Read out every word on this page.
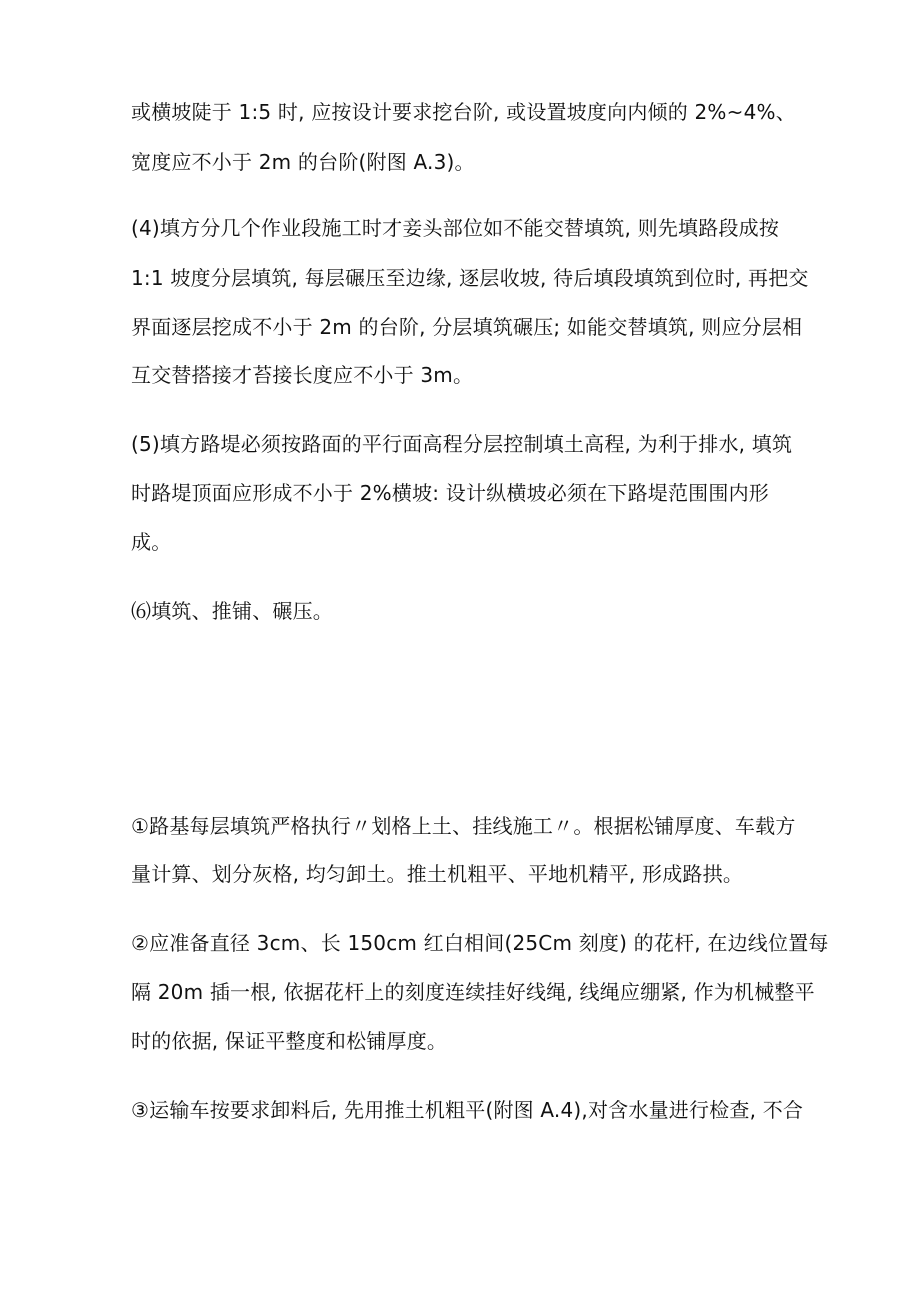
或横坡陡于 1:5 时, 应按设计要求挖台阶, 或设置坡度向内倾的 2%~4%、
宽度应不小于 2m 的台阶(附图 A.3)。
(4)填方分几个作业段施工时才妾头部位如不能交替填筑, 则先填路段成按
1:1 坡度分层填筑, 每层碾压至边缘, 逐层收坡, 待后填段填筑到位时, 再把交
界面逐层挖成不小于 2m 的台阶, 分层填筑碾压; 如能交替填筑, 则应分层相
互交替搭接才苔接长度应不小于 3m。
(5)填方路堤必须按路面的平行面高程分层控制填土高程, 为利于排水, 填筑
时路堤顶面应形成不小于 2%横坡: 设计纵横坡必须在下路堤范围围内形
成。
⑹填筑、推铺、碾压。
①路基每层填筑严格执行〃划格上土、挂线施工〃。根据松铺厚度、车载方
量计算、划分灰格, 均匀卸土。推土机粗平、平地机精平, 形成路拱。
②应准备直径 3cm、长 150cm 红白相间(25Cm 刻度) 的花杆, 在边线位置每
隔 20m 插一根, 依据花杆上的刻度连续挂好线绳, 线绳应绷紧, 作为机械整平
时的依据, 保证平整度和松铺厚度。
③运输车按要求卸料后, 先用推土机粗平(附图 A.4),对含水量进行检查, 不合
